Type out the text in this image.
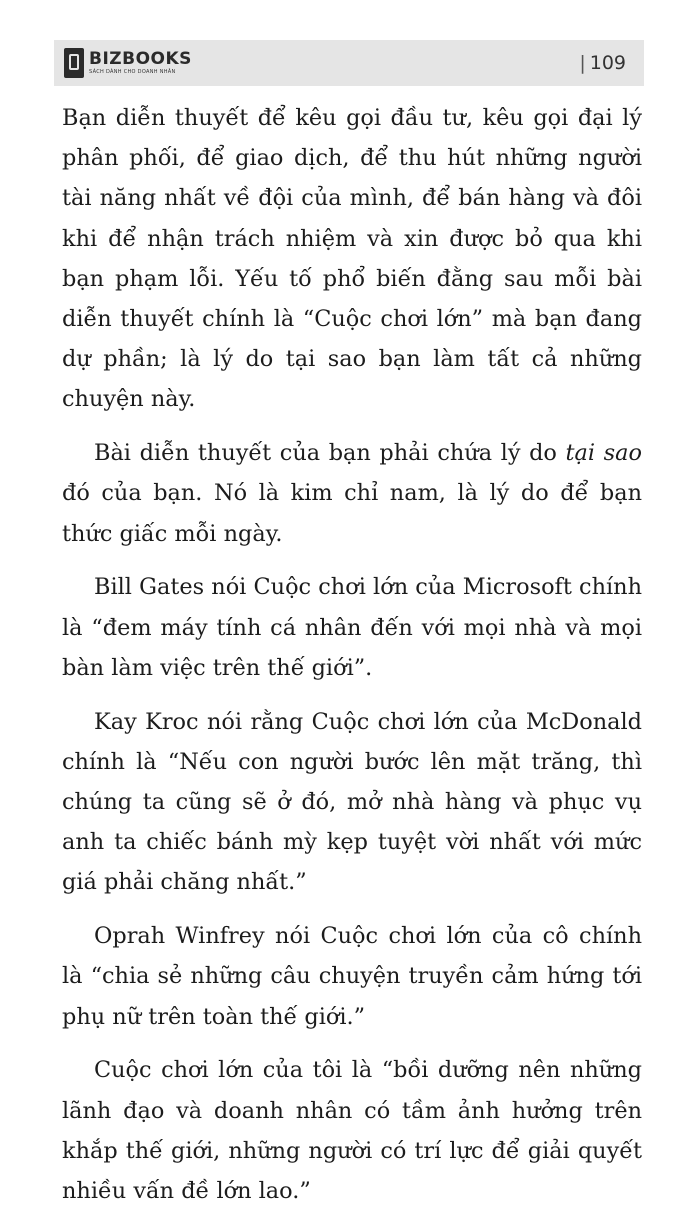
BIZBOOKS
SÁCH DÀNH CHO DOANH NHÂN	| 109

Bạn diễn thuyết để kêu gọi đầu tư, kêu gọi đại lý phân phối, để giao dịch, để thu hút những người tài năng nhất về đội của mình, để bán hàng và đôi khi để nhận trách nhiệm và xin được bỏ qua khi bạn phạm lỗi. Yếu tố phổ biến đằng sau mỗi bài diễn thuyết chính là “Cuộc chơi lớn” mà bạn đang dự phần; là lý do tại sao bạn làm tất cả những chuyện này.

Bài diễn thuyết của bạn phải chứa lý do tại sao đó của bạn. Nó là kim chỉ nam, là lý do để bạn thức giấc mỗi ngày.

Bill Gates nói Cuộc chơi lớn của Microsoft chính là “đem máy tính cá nhân đến với mọi nhà và mọi bàn làm việc trên thế giới”.

Kay Kroc nói rằng Cuộc chơi lớn của McDonald chính là “Nếu con người bước lên mặt trăng, thì chúng ta cũng sẽ ở đó, mở nhà hàng và phục vụ anh ta chiếc bánh mỳ kẹp tuyệt vời nhất với mức giá phải chăng nhất.”

Oprah Winfrey nói Cuộc chơi lớn của cô chính là “chia sẻ những câu chuyện truyền cảm hứng tới phụ nữ trên toàn thế giới.”

Cuộc chơi lớn của tôi là “bồi dưỡng nên những lãnh đạo và doanh nhân có tầm ảnh hưởng trên khắp thế giới, những người có trí lực để giải quyết nhiều vấn đề lớn lao.”
